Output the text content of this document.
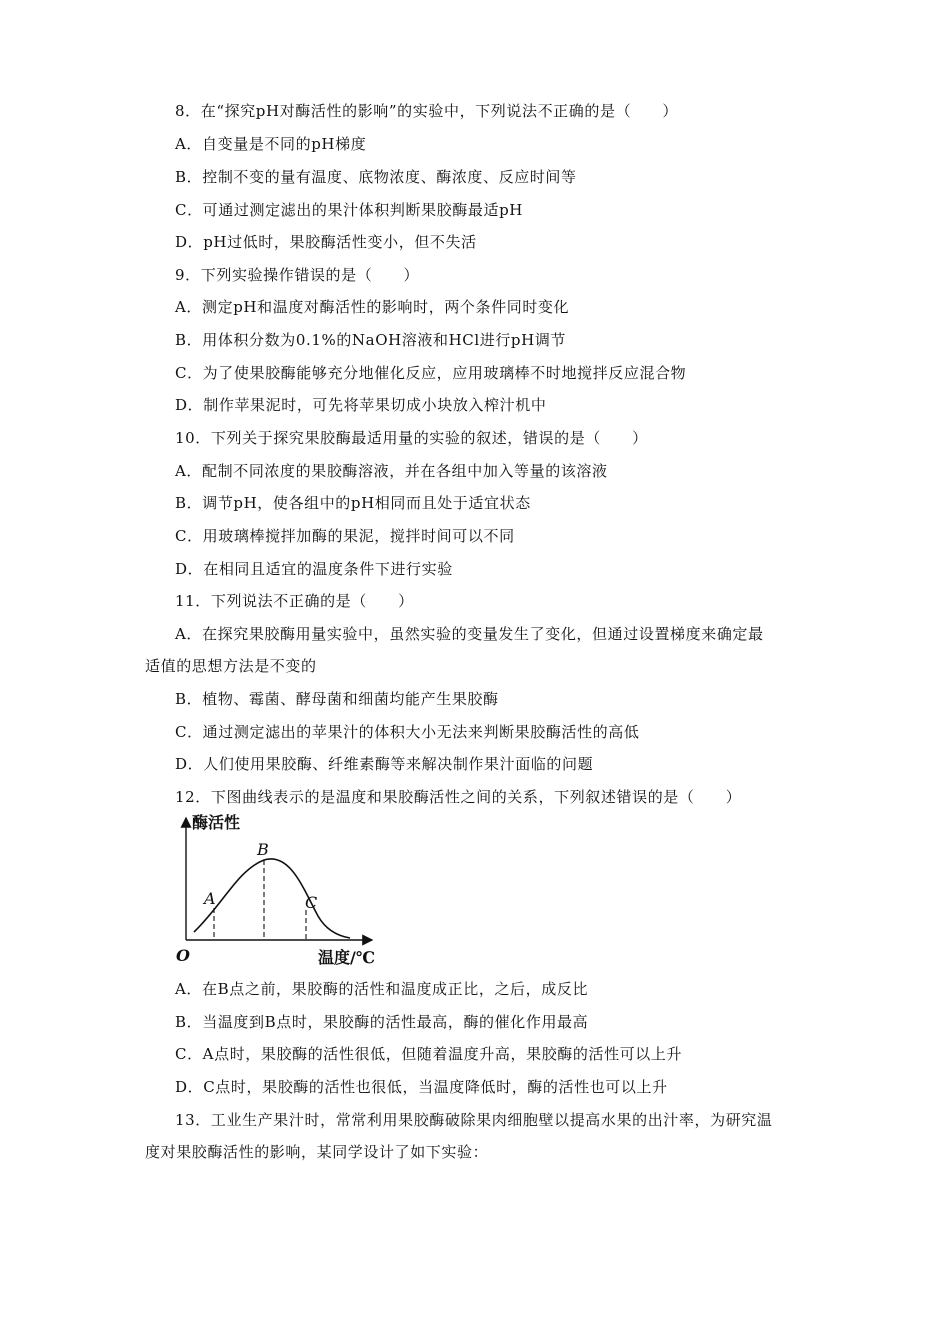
8．在“探究pH对酶活性的影响”的实验中，下列说法不正确的是（　　）
A．自变量是不同的pH梯度
B．控制不变的量有温度、底物浓度、酶浓度、反应时间等
C．可通过测定滤出的果汁体积判断果胶酶最适pH
D．pH过低时，果胶酶活性变小，但不失活
9．下列实验操作错误的是（　　）
A．测定pH和温度对酶活性的影响时，两个条件同时变化
B．用体积分数为0.1%的NaOH溶液和HCl进行pH调节
C．为了使果胶酶能够充分地催化反应，应用玻璃棒不时地搅拌反应混合物
D．制作苹果泥时，可先将苹果切成小块放入榨汁机中
10．下列关于探究果胶酶最适用量的实验的叙述，错误的是（　　）
A．配制不同浓度的果胶酶溶液，并在各组中加入等量的该溶液
B．调节pH，使各组中的pH相同而且处于适宜状态
C．用玻璃棒搅拌加酶的果泥，搅拌时间可以不同
D．在相同且适宜的温度条件下进行实验
11．下列说法不正确的是（　　）
A．在探究果胶酶用量实验中，虽然实验的变量发生了变化，但通过设置梯度来确定最
适值的思想方法是不变的
B．植物、霉菌、酵母菌和细菌均能产生果胶酶
C．通过测定滤出的苹果汁的体积大小无法来判断果胶酶活性的高低
D．人们使用果胶酶、纤维素酶等来解决制作果汁面临的问题
12．下图曲线表示的是温度和果胶酶活性之间的关系，下列叙述错误的是（　　）
酶活性
温度/℃
O
A
B
C
A．在B点之前，果胶酶的活性和温度成正比，之后，成反比
B．当温度到B点时，果胶酶的活性最高，酶的催化作用最高
C．A点时，果胶酶的活性很低，但随着温度升高，果胶酶的活性可以上升
D．C点时，果胶酶的活性也很低，当温度降低时，酶的活性也可以上升
13．工业生产果汁时，常常利用果胶酶破除果肉细胞壁以提高水果的出汁率，为研究温
度对果胶酶活性的影响，某同学设计了如下实验：
